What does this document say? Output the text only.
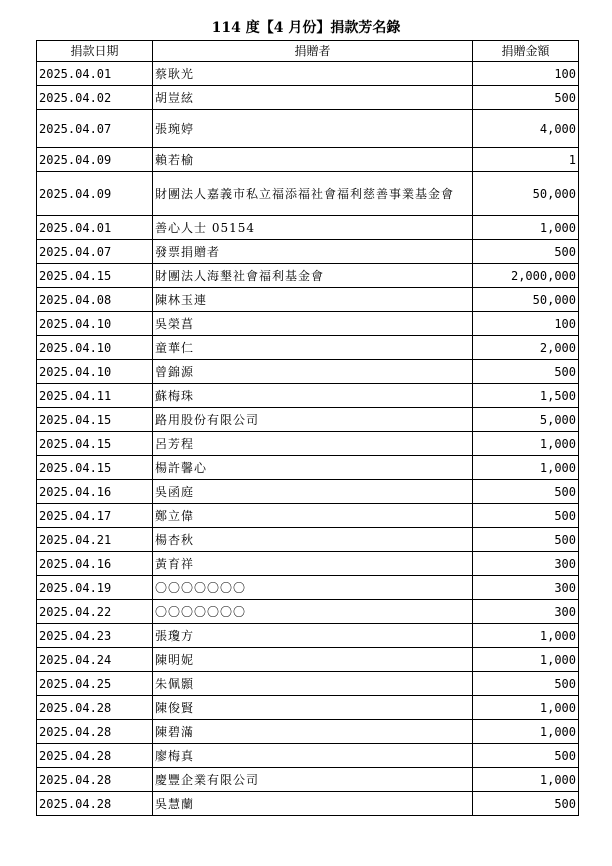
114 度【4 月份】捐款芳名錄
捐款日期	捐贈者	捐贈金額
2025.04.01	蔡耿光	100
2025.04.02	胡豈絃	500
2025.04.07	張琬婷	4,000
2025.04.09	賴若榆	1
2025.04.09	財團法人嘉義市私立福添福社會福利慈善事業基金會	50,000
2025.04.01	善心人士 05154	1,000
2025.04.07	發票捐贈者	500
2025.04.15	財團法人海墾社會福利基金會	2,000,000
2025.04.08	陳林玉連	50,000
2025.04.10	吳榮菖	100
2025.04.10	童華仁	2,000
2025.04.10	曾錦源	500
2025.04.11	蘇梅珠	1,500
2025.04.15	路用股份有限公司	5,000
2025.04.15	呂芳程	1,000
2025.04.15	楊許馨心	1,000
2025.04.16	吳函庭	500
2025.04.17	鄭立偉	500
2025.04.21	楊杏秋	500
2025.04.16	黃育祥	300
2025.04.19	〇〇〇〇〇〇〇	300
2025.04.22	〇〇〇〇〇〇〇	300
2025.04.23	張瓊方	1,000
2025.04.24	陳明妮	1,000
2025.04.25	朱佩顥	500
2025.04.28	陳俊賢	1,000
2025.04.28	陳碧滿	1,000
2025.04.28	廖梅真	500
2025.04.28	慶豐企業有限公司	1,000
2025.04.28	吳慧蘭	500
